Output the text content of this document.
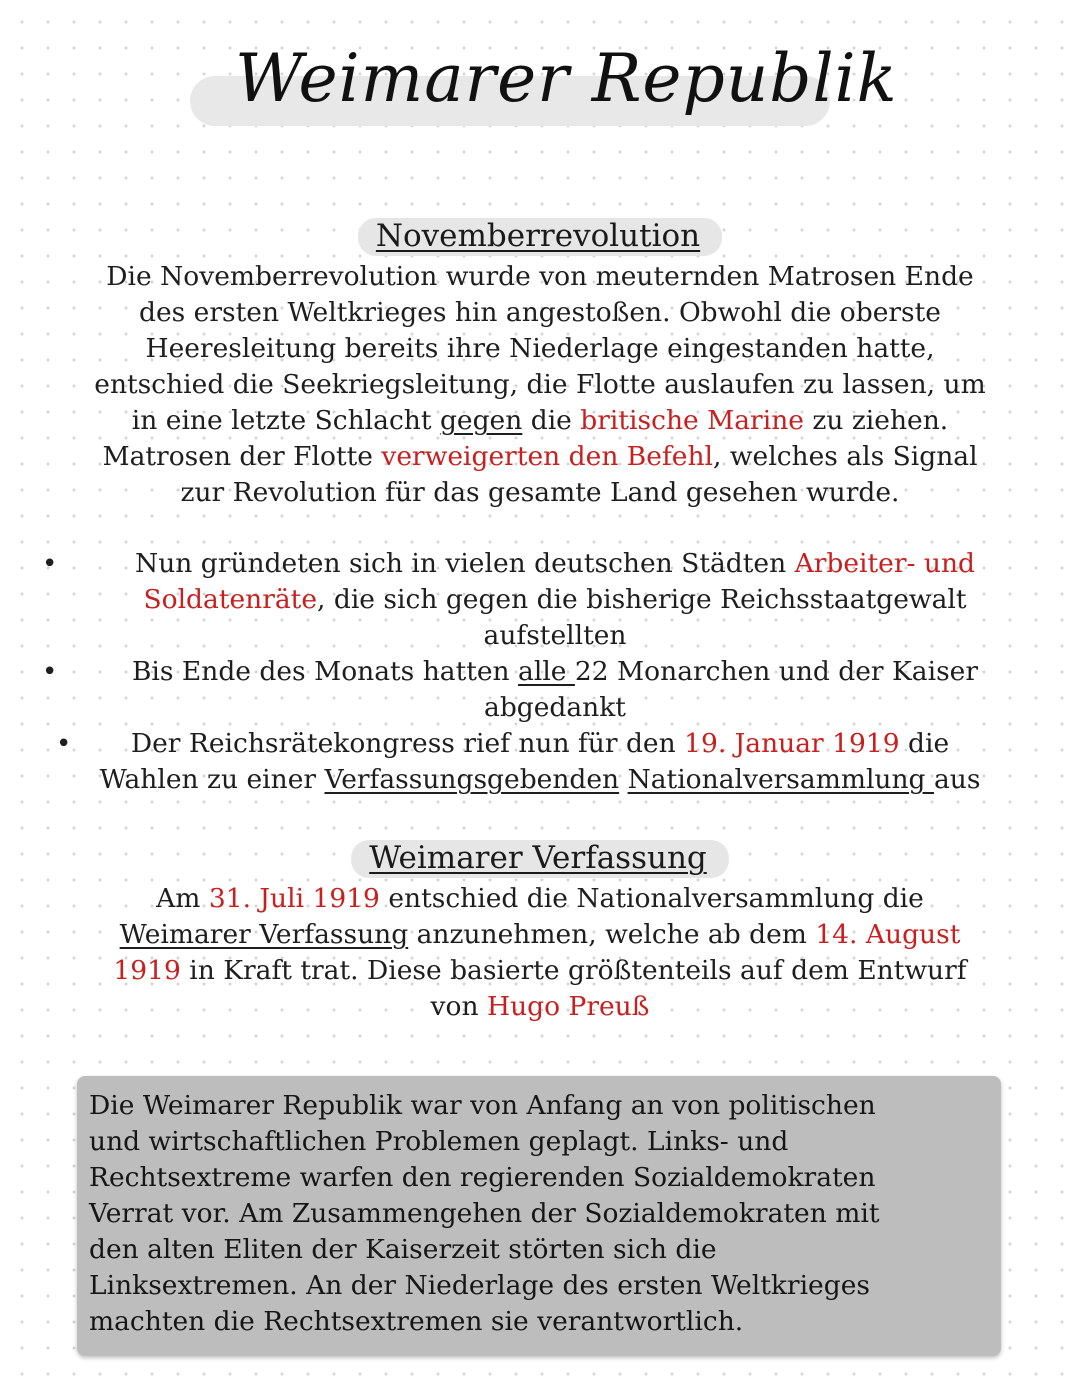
Weimarer Republik
Novemberrevolution
Die Novemberrevolution wurde von meuternden Matrosen Ende
des ersten Weltkrieges hin angestoßen. Obwohl die oberste
Heeresleitung bereits ihre Niederlage eingestanden hatte,
entschied die Seekriegsleitung, die Flotte auslaufen zu lassen, um
in eine letzte Schlacht gegen die britische Marine zu ziehen.
Matrosen der Flotte verweigerten den Befehl, welches als Signal
zur Revolution für das gesamte Land gesehen wurde.
•	Nun gründeten sich in vielen deutschen Städten Arbeiter- und
Soldatenräte, die sich gegen die bisherige Reichsstaatgewalt
aufstellten
•	Bis Ende des Monats hatten alle 22 Monarchen und der Kaiser
abgedankt
•	Der Reichsrätekongress rief nun für den 19. Januar 1919 die
Wahlen zu einer Verfassungsgebenden Nationalversammlung aus
Weimarer Verfassung
Am 31. Juli 1919 entschied die Nationalversammlung die
Weimarer Verfassung anzunehmen, welche ab dem 14. August
1919 in Kraft trat. Diese basierte größtenteils auf dem Entwurf
von Hugo Preuß
Die Weimarer Republik war von Anfang an von politischen
und wirtschaftlichen Problemen geplagt. Links- und
Rechtsextreme warfen den regierenden Sozialdemokraten
Verrat vor. Am Zusammengehen der Sozialdemokraten mit
den alten Eliten der Kaiserzeit störten sich die
Linksextremen. An der Niederlage des ersten Weltkrieges
machten die Rechtsextremen sie verantwortlich.
